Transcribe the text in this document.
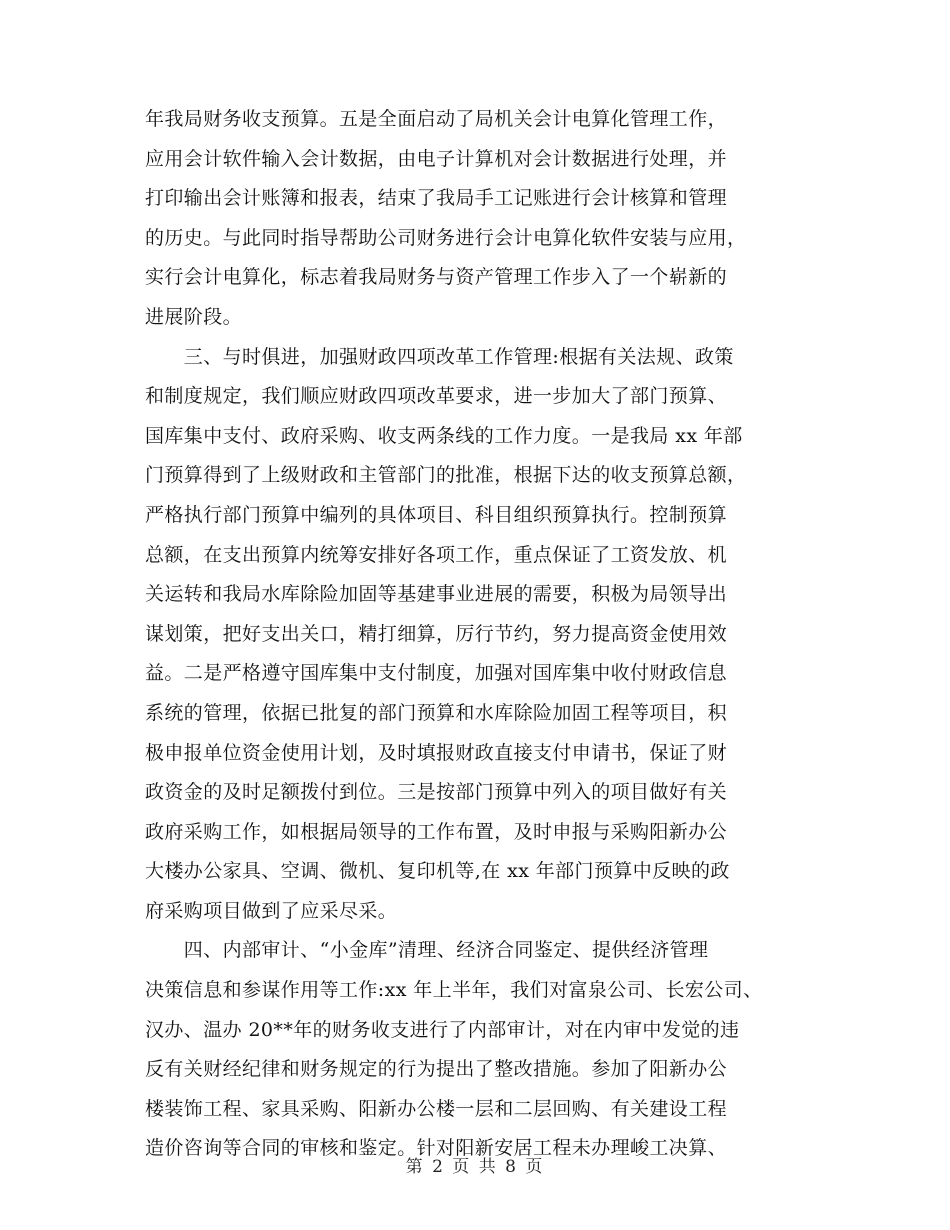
年我局财务收支预算。五是全面启动了局机关会计电算化管理工作，
应用会计软件输入会计数据，由电子计算机对会计数据进行处理，并
打印输出会计账簿和报表，结束了我局手工记账进行会计核算和管理
的历史。与此同时指导帮助公司财务进行会计电算化软件安装与应用，
实行会计电算化，标志着我局财务与资产管理工作步入了一个崭新的
进展阶段。
　　三、与时俱进，加强财政四项改革工作管理:根据有关法规、政策
和制度规定，我们顺应财政四项改革要求，进一步加大了部门预算、
国库集中支付、政府采购、收支两条线的工作力度。一是我局 xx 年部
门预算得到了上级财政和主管部门的批准，根据下达的收支预算总额，
严格执行部门预算中编列的具体项目、科目组织预算执行。控制预算
总额，在支出预算内统筹安排好各项工作，重点保证了工资发放、机
关运转和我局水库除险加固等基建事业进展的需要，积极为局领导出
谋划策，把好支出关口，精打细算，厉行节约，努力提高资金使用效
益。二是严格遵守国库集中支付制度，加强对国库集中收付财政信息
系统的管理，依据已批复的部门预算和水库除险加固工程等项目，积
极申报单位资金使用计划，及时填报财政直接支付申请书，保证了财
政资金的及时足额拨付到位。三是按部门预算中列入的项目做好有关
政府采购工作，如根据局领导的工作布置，及时申报与采购阳新办公
大楼办公家具、空调、微机、复印机等,在 xx 年部门预算中反映的政
府采购项目做到了应采尽采。
　　四、内部审计、“小金库”清理、经济合同鉴定、提供经济管理
决策信息和参谋作用等工作:xx 年上半年，我们对富泉公司、长宏公司、
汉办、温办 20**年的财务收支进行了内部审计，对在内审中发觉的违
反有关财经纪律和财务规定的行为提出了整改措施。参加了阳新办公
楼装饰工程、家具采购、阳新办公楼一层和二层回购、有关建设工程
造价咨询等合同的审核和鉴定。针对阳新安居工程未办理峻工决算、
第 2 页 共 8 页
